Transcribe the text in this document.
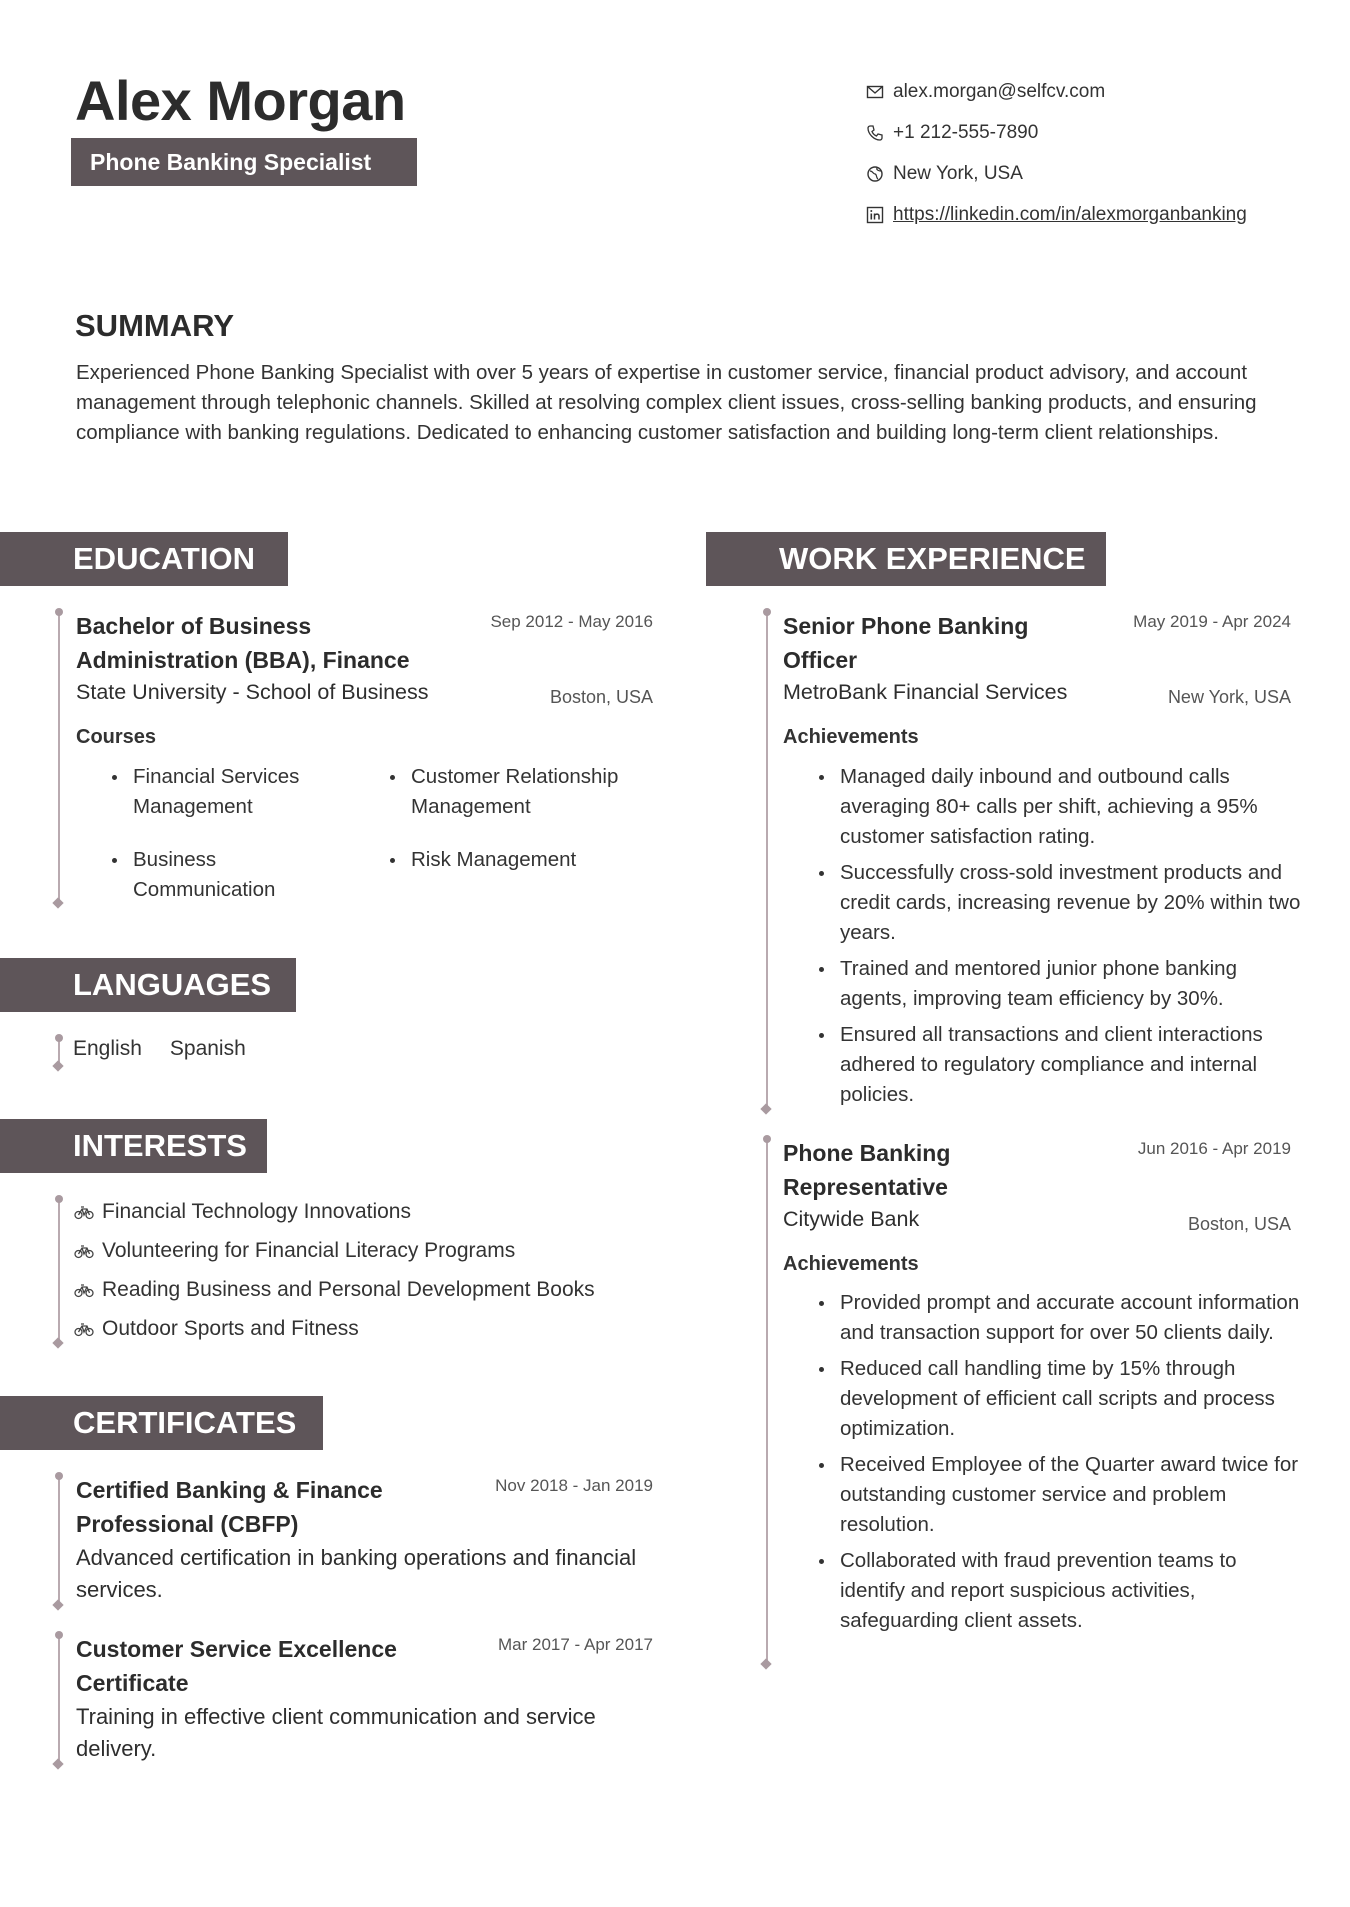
Alex Morgan
Phone Banking Specialist
alex.morgan@selfcv.com
+1 212-555-7890
New York, USA
https://linkedin.com/in/alexmorganbanking
SUMMARY

Experienced Phone Banking Specialist with over 5 years of expertise in customer service, financial product advisory, and account management through telephonic channels. Skilled at resolving complex client issues, cross-selling banking products, and ensuring compliance with banking regulations. Dedicated to enhancing customer satisfaction and building long-term client relationships.

EDUCATION
Bachelor of Business Administration (BBA), Finance
Sep 2012 - May 2016
State University - School of Business	Boston, USA
Courses
Financial Services Management
Customer Relationship Management
Business Communication
Risk Management
LANGUAGES
English Spanish
INTERESTS
Financial Technology Innovations
Volunteering for Financial Literacy Programs
Reading Business and Personal Development Books
Outdoor Sports and Fitness
CERTIFICATES
Certified Banking & Finance Professional (CBFP)
Nov 2018 - Jan 2019
Advanced certification in banking operations and financial services.
Customer Service Excellence Certificate
Mar 2017 - Apr 2017
Training in effective client communication and service delivery.
WORK EXPERIENCE
Senior Phone Banking Officer
May 2019 - Apr 2024
MetroBank Financial Services	New York, USA
Achievements
Managed daily inbound and outbound calls averaging 80+ calls per shift, achieving a 95% customer satisfaction rating.
Successfully cross-sold investment products and credit cards, increasing revenue by 20% within two years.
Trained and mentored junior phone banking agents, improving team efficiency by 30%.
Ensured all transactions and client interactions adhered to regulatory compliance and internal policies.
Phone Banking Representative
Jun 2016 - Apr 2019
Citywide Bank	Boston, USA
Achievements
Provided prompt and accurate account information and transaction support for over 50 clients daily.
Reduced call handling time by 15% through development of efficient call scripts and process optimization.
Received Employee of the Quarter award twice for outstanding customer service and problem resolution.
Collaborated with fraud prevention teams to identify and report suspicious activities, safeguarding client assets.
